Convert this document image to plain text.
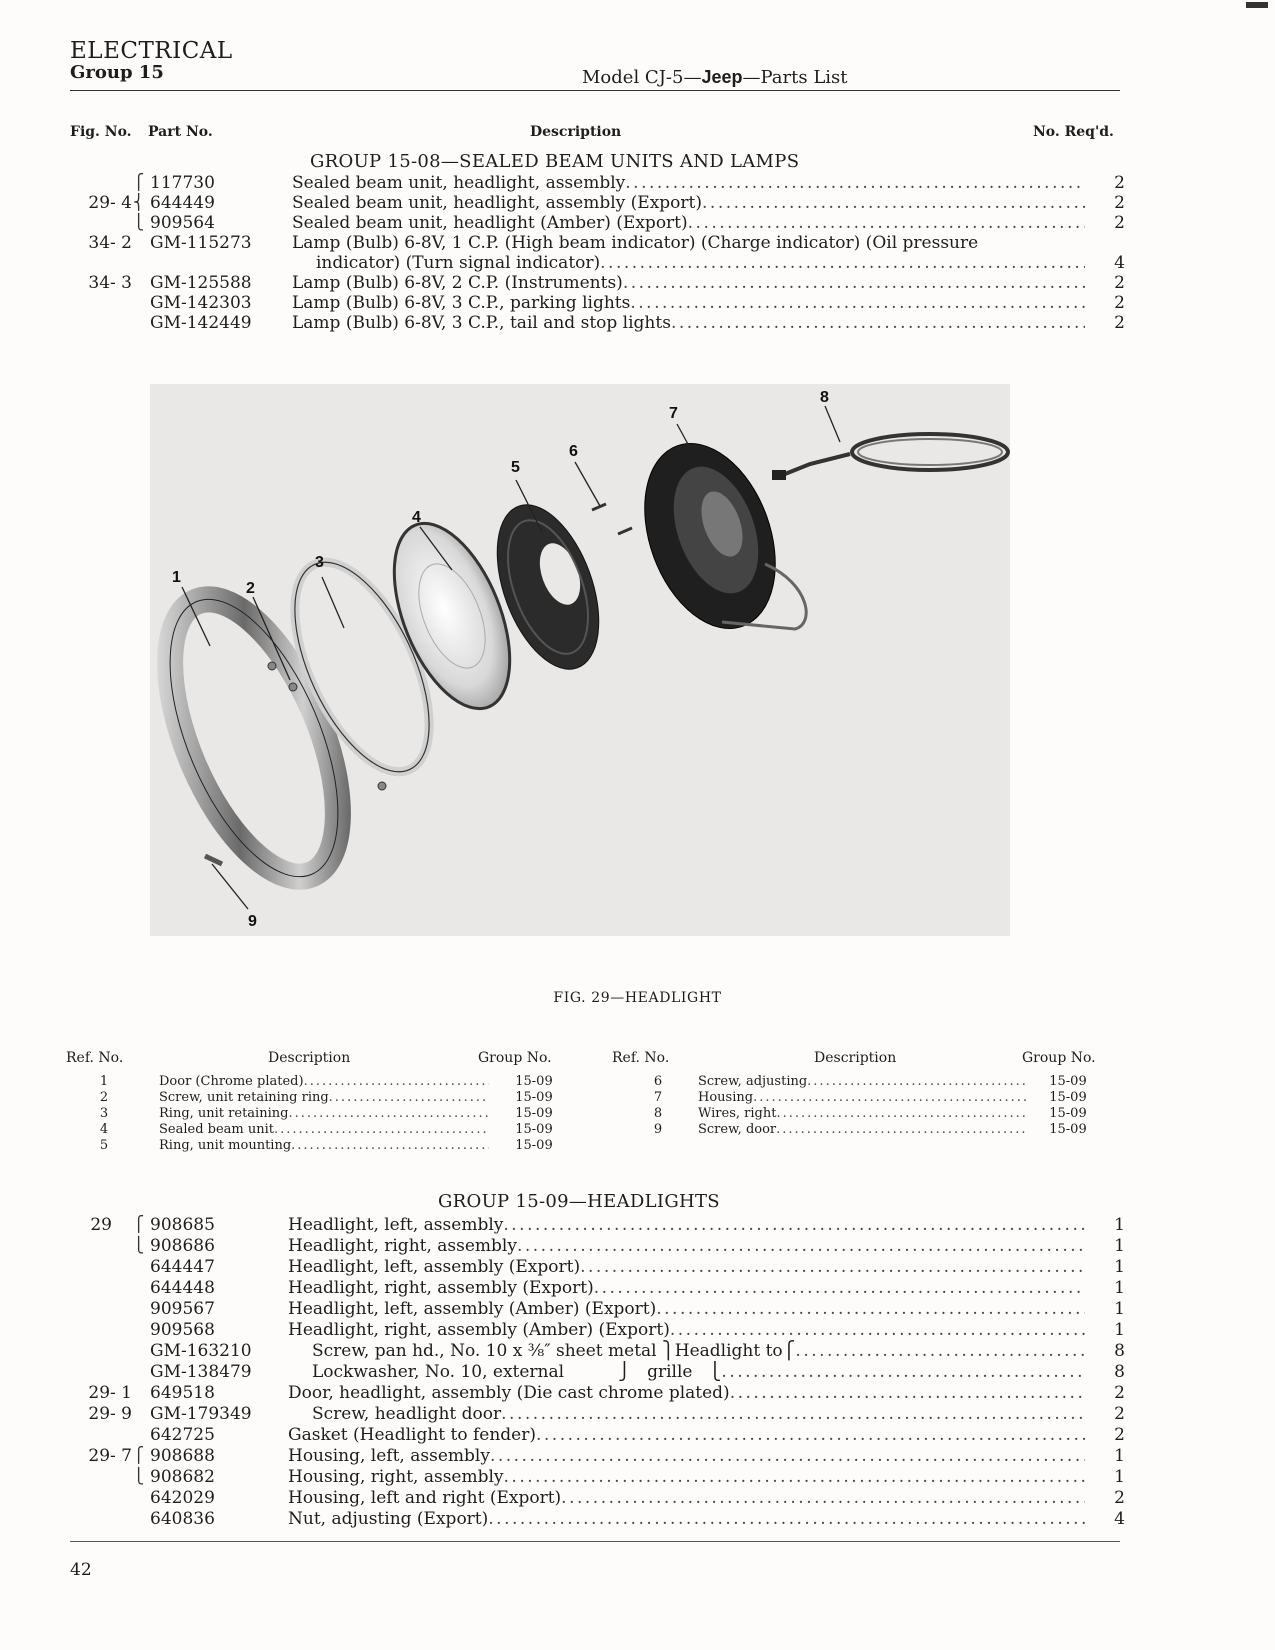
ELECTRICAL
Group 15	Model CJ-5—Jeep—Parts List
Fig. No. Part No.	Description	No. Req'd.
GROUP 15-08—SEALED BEAM UNITS AND LAMPS
⎧ 117730	Sealed beam unit, headlight, assembly .....	2
29- 4 ⎨ 644449	Sealed beam unit, headlight, assembly (Export) .....	2
⎩ 909564	Sealed beam unit, headlight (Amber) (Export) .....	2
34- 2 GM-115273 Lamp (Bulb) 6-8V, 1 C.P. (High beam indicator) (Charge indicator) (Oil pressure
indicator) (Turn signal indicator) .....	4
34- 3 GM-125588 Lamp (Bulb) 6-8V, 2 C.P. (Instruments) .....	2
GM-142303 Lamp (Bulb) 6-8V, 3 C.P., parking lights .....	2
GM-142449 Lamp (Bulb) 6-8V, 3 C.P., tail and stop lights .....	2
1
2
3
4
5
6
7
8
9
FIG. 29—HEADLIGHT
Ref. No.	Description	Group No.	Ref. No.	Description	Group No.
1	Door (Chrome plated) .....	15-09
2	Screw, unit retaining ring .....	15-09
3	Ring, unit retaining .....	15-09
4	Sealed beam unit .....	15-09
5	Ring, unit mounting .....	15-09
6	Screw, adjusting .....	15-09
7	Housing .....	15-09
8	Wires, right .....	15-09
9	Screw, door .....	15-09
GROUP 15-09—HEADLIGHTS
29 ⎧ 908685	Headlight, left, assembly .....	1
⎩ 908686	Headlight, right, assembly .....	1
644447	Headlight, left, assembly (Export) .....	1
644448	Headlight, right, assembly (Export) .....	1
909567	Headlight, left, assembly (Amber) (Export) .....	1
909568	Headlight, right, assembly (Amber) (Export) .....	1
GM-163210	Screw, pan hd., No. 10 x ⅜″ sheet metal ⎫Headlight to⎧ .....	8
GM-138479	Lockwasher, No. 10, external          ⎭   grille   ⎩ .....	8
29- 1 649518	Door, headlight, assembly (Die cast chrome plated) .....	2
29- 9 GM-179349	Screw, headlight door .....	2
642725	Gasket (Headlight to fender) .....	2
29- 7 ⎧ 908688	Housing, left, assembly .....	1
⎩ 908682	Housing, right, assembly .....	1
642029	Housing, left and right (Export) .....	2
640836	Nut, adjusting (Export) .....	4
42
